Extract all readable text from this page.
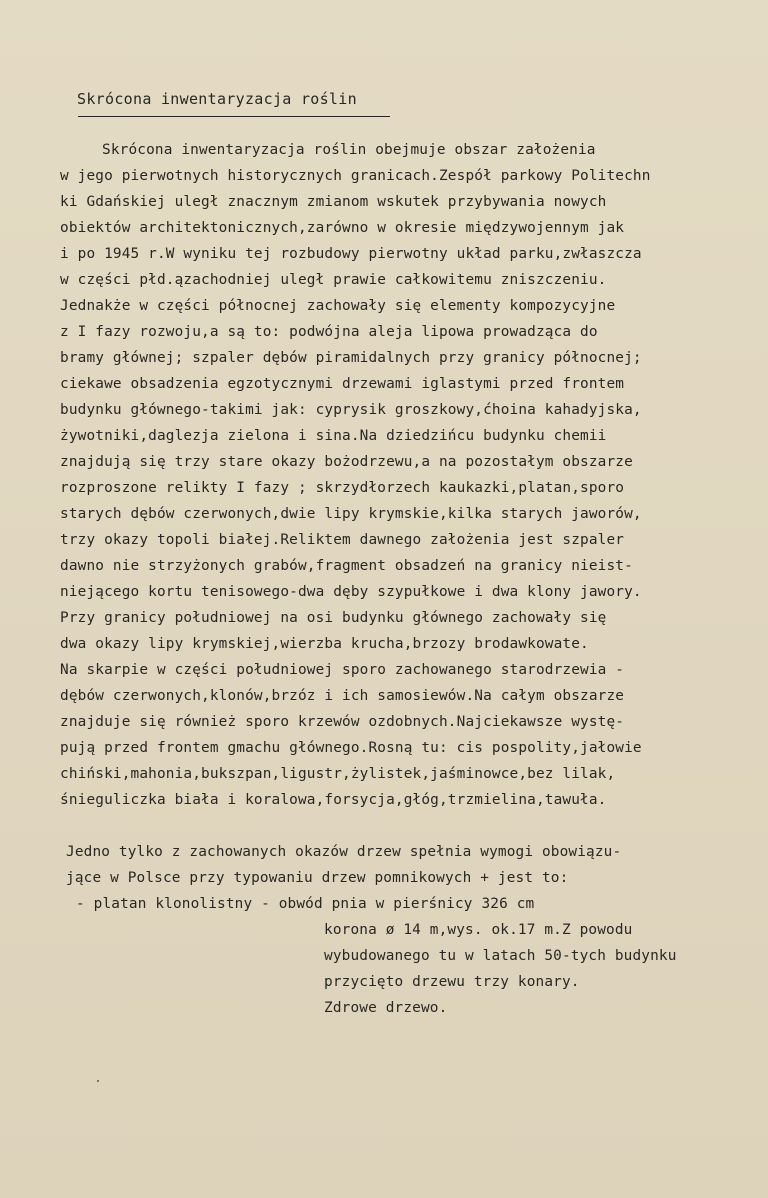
Skrócona inwentaryzacja roślin
Skrócona inwentaryzacja roślin obejmuje obszar założenia
w jego pierwotnych historycznych granicach.Zespół parkowy Politechn
ki Gdańskiej uległ znacznym zmianom wskutek przybywania nowych
obiektów architektonicznych,zarówno w okresie międzywojennym jak
i po 1945 r.W wyniku tej rozbudowy pierwotny układ parku,zwłaszcza
w części płd.ązachodniej uległ prawie całkowitemu zniszczeniu.
Jednakże w części północnej zachowały się elementy kompozycyjne
z I fazy rozwoju,a są to: podwójna aleja lipowa prowadząca do
bramy głównej; szpaler dębów piramidalnych przy granicy północnej;
ciekawe obsadzenia egzotycznymi drzewami iglastymi przed frontem
budynku głównego-takimi jak: cyprysik groszkowy,ćhoina kahadyjska,
żywotniki,daglezja zielona i sina.Na dziedzińcu budynku chemii
znajdują się trzy stare okazy bożodrzewu,a na pozostałym obszarze
rozproszone relikty I fazy ; skrzydłorzech kaukazki,platan,sporo
starych dębów czerwonych,dwie lipy krymskie,kilka starych jaworów,
trzy okazy topoli białej.Reliktem dawnego założenia jest szpaler
dawno nie strzyżonych grabów,fragment obsadzeń na granicy nieist-
niejącego kortu tenisowego-dwa dęby szypułkowe i dwa klony jawory.
Przy granicy południowej na osi budynku głównego zachowały się
dwa okazy lipy krymskiej,wierzba krucha,brzozy brodawkowate.
Na skarpie w części południowej sporo zachowanego starodrzewia -
dębów czerwonych,klonów,brzóz i ich samosiewów.Na całym obszarze
znajduje się również sporo krzewów ozdobnych.Najciekawsze wystę-
pują przed frontem gmachu głównego.Rosną tu: cis pospolity,jałowie
chiński,mahonia,bukszpan,ligustr,żylistek,jaśminowce,bez lilak,
śnieguliczka biała i koralowa,forsycja,głóg,trzmielina,tawuła.
Jedno tylko z zachowanych okazów drzew spełnia wymogi obowiązu-
jące w Polsce przy typowaniu drzew pomnikowych + jest to:
- platan klonolistny - obwód pnia w pierśnicy 326 cm
korona ø 14 m,wys. ok.17 m.Z powodu
wybudowanego tu w latach 50-tych budynku
przycięto drzewu trzy konary.
Zdrowe drzewo.
